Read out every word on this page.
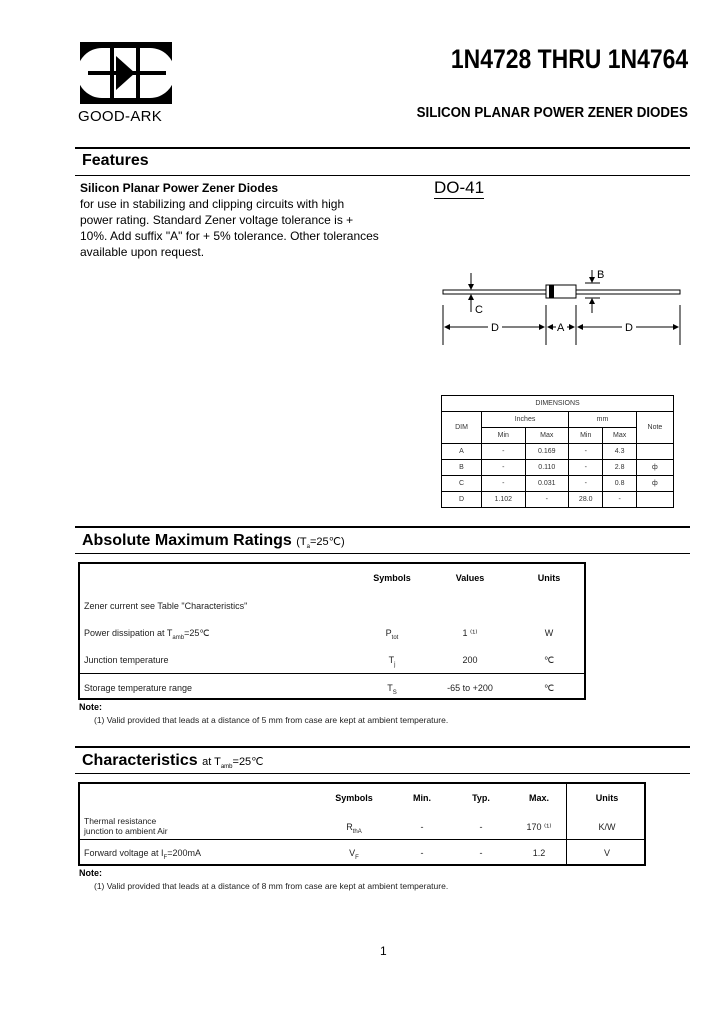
GOOD-ARK
1N4728 THRU 1N4764
SILICON PLANAR POWER ZENER DIODES
Features
Silicon Planar Power Zener Diodes
for use in stabilizing and clipping circuits with high power rating. Standard Zener voltage tolerance is + 10%. Add suffix "A" for + 5% tolerance. Other tolerances available upon request.
DO-41
C
B
D	A	D
DIMENSIONS					
DIM	Inches		mm		Note
	Min	Max	Min	Max	
A	-	0.169	-	4.3	
B	-	0.110	-	2.8	ф
C	-	0.031	-	0.8	ф
D	1.102	-	28.0	-	
Absolute Maximum Ratings $(T_a=25℃)$
Symbols	Values	Units
Zener current see Table "Characteristics"
Power dissipation at $T_{amb}=25℃$	$P_{tot}$	1 ⁽¹⁾	W
Junction temperature	$T_j$	200	℃
Storage temperature range	$T_S$	-65 to +200	℃
Note:
(1) Valid provided that leads at a distance of 5 mm from case are kept at ambient temperature.
Characteristics at $T_{amb}=25℃$
Symbols	Min.	Typ.	Max.	Units
Thermal resistance
junction to ambient Air	$R_{thA}$	-	-	170 ⁽¹⁾	K/W
Forward voltage at $I_F=200mA$	$V_F$	-	-	1.2	V
Note:
(1) Valid provided that leads at a distance of 8 mm from case are kept at ambient temperature.
1
